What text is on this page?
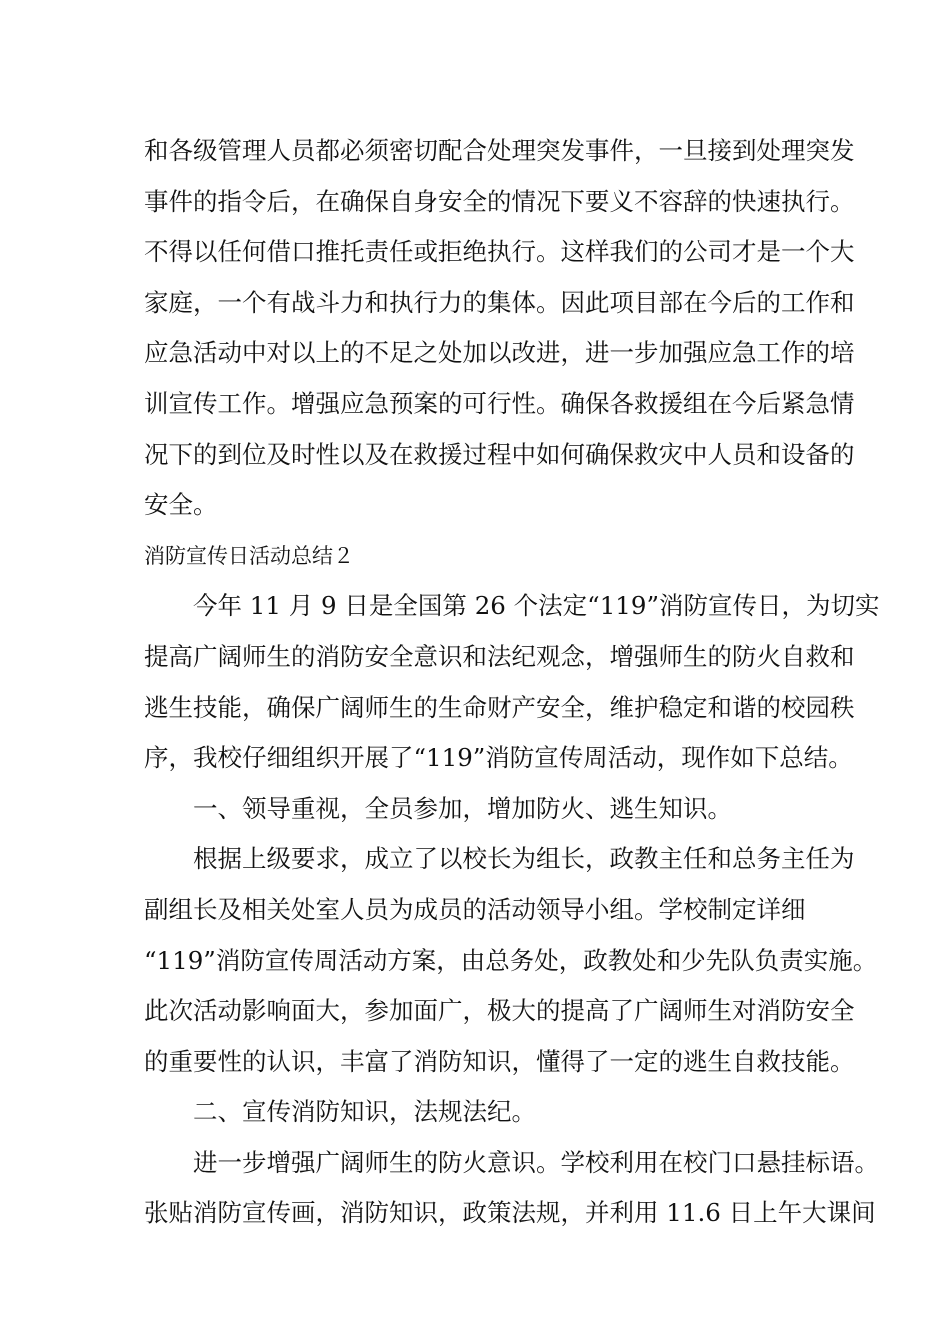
和各级管理人员都必须密切配合处理突发事件，一旦接到处理突发
事件的指令后，在确保自身安全的情况下要义不容辞的快速执行。
不得以任何借口推托责任或拒绝执行。这样我们的公司才是一个大
家庭，一个有战斗力和执行力的集体。因此项目部在今后的工作和
应急活动中对以上的不足之处加以改进，进一步加强应急工作的培
训宣传工作。增强应急预案的可行性。确保各救援组在今后紧急情
况下的到位及时性以及在救援过程中如何确保救灾中人员和设备的
安全。
消防宣传日活动总结２
今年 11 月 9 日是全国第 26 个法定“119”消防宣传日，为切实
提高广阔师生的消防安全意识和法纪观念，增强师生的防火自救和
逃生技能，确保广阔师生的生命财产安全，维护稳定和谐的校园秩
序，我校仔细组织开展了“119”消防宣传周活动，现作如下总结。
一、领导重视，全员参加，增加防火、逃生知识。
根据上级要求，成立了以校长为组长，政教主任和总务主任为
副组长及相关处室人员为成员的活动领导小组。学校制定详细
“119”消防宣传周活动方案，由总务处，政教处和少先队负责实施。
此次活动影响面大，参加面广，极大的提高了广阔师生对消防安全
的重要性的认识，丰富了消防知识，懂得了一定的逃生自救技能。
二、宣传消防知识，法规法纪。
进一步增强广阔师生的防火意识。学校利用在校门口悬挂标语。
张贴消防宣传画，消防知识，政策法规，并利用 11.6 日上午大课间
